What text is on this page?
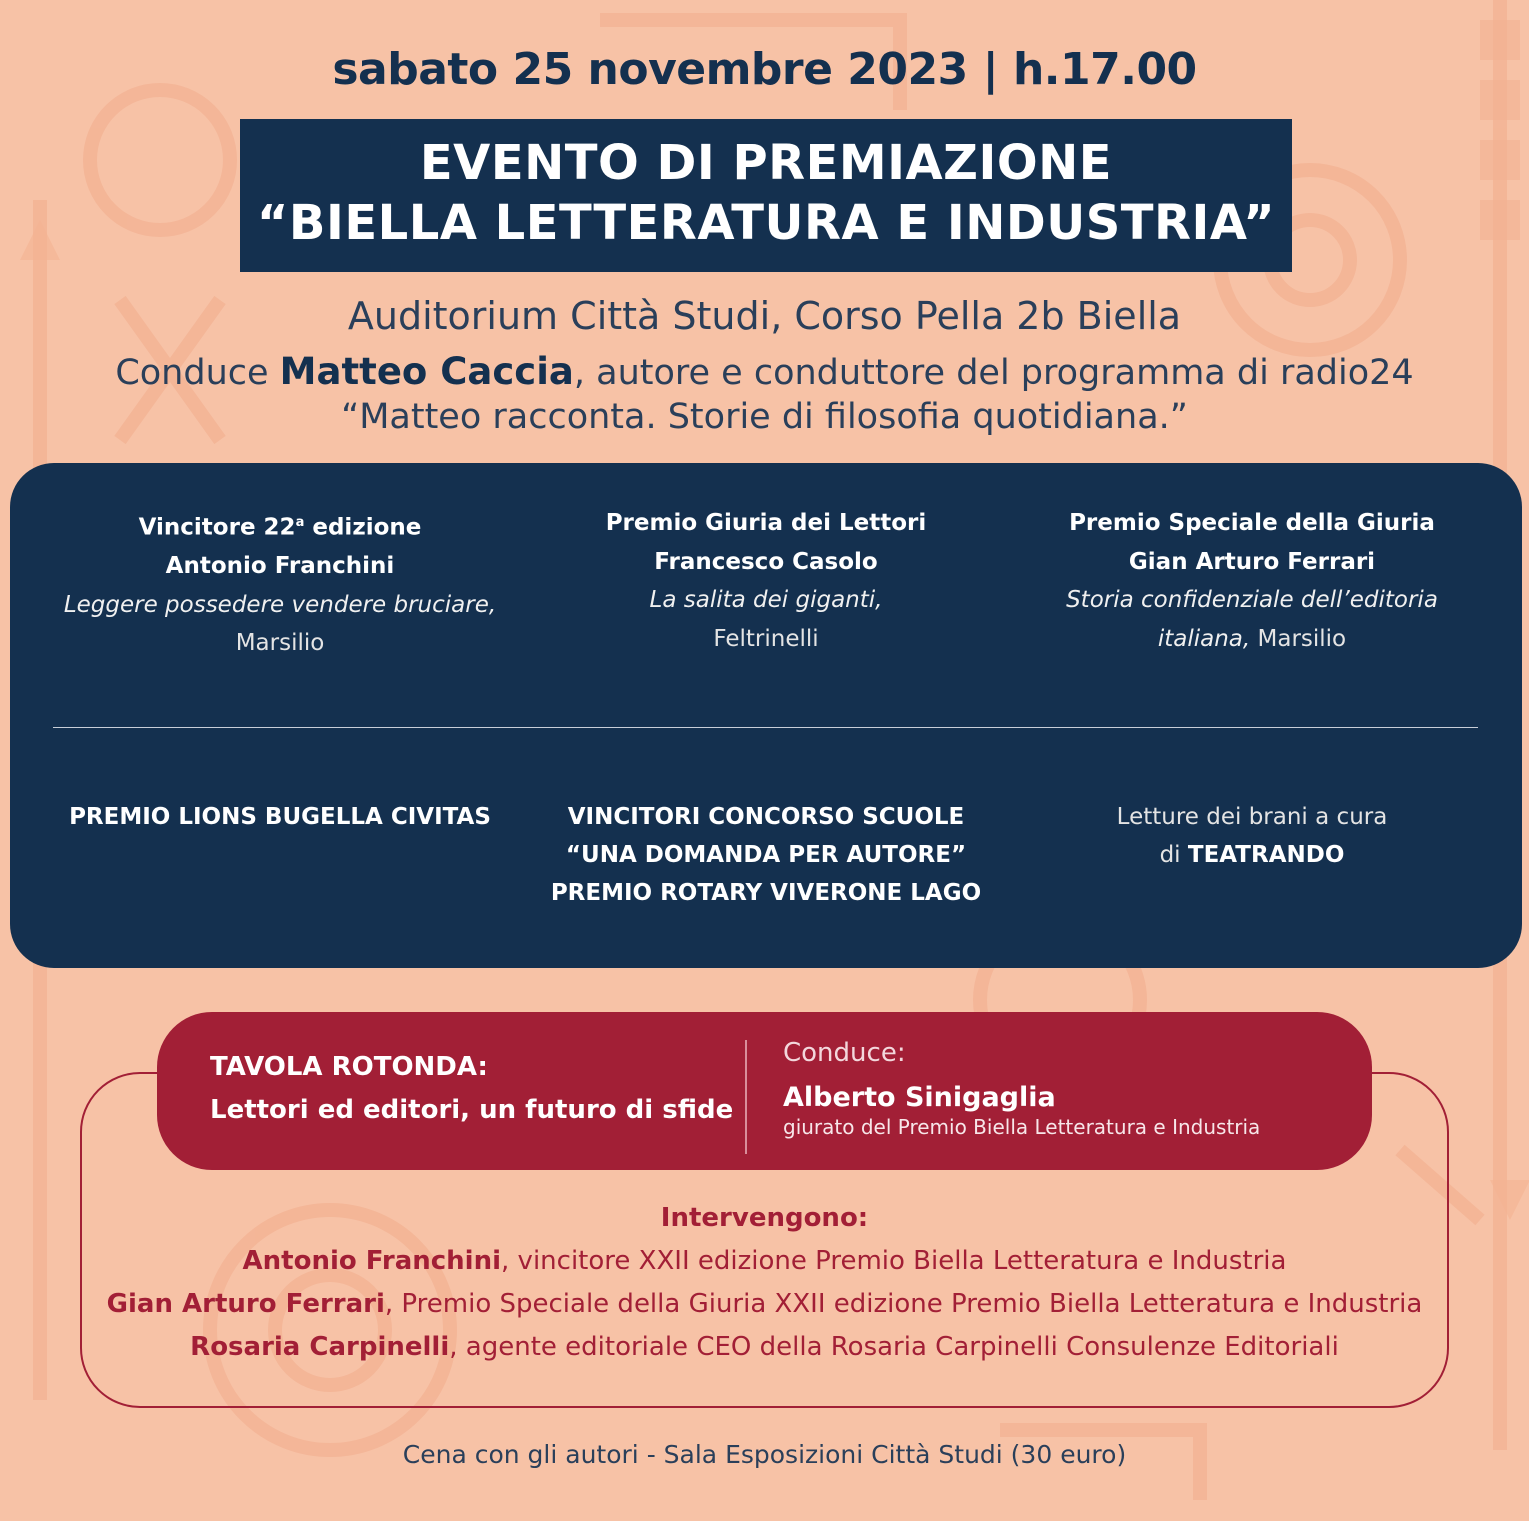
sabato 25 novembre 2023 | h.17.00
EVENTO DI PREMIAZIONE
“BIELLA LETTERATURA E INDUSTRIA”
Auditorium Città Studi, Corso Pella 2b Biella
Conduce Matteo Caccia, autore e conduttore del programma di radio24
“Matteo racconta. Storie di filosofia quotidiana.”
Vincitore 22$^a$ edizione
Antonio Franchini
Leggere possedere vendere bruciare,
Marsilio
Premio Giuria dei Lettori
Francesco Casolo
La salita dei giganti,
Feltrinelli
Premio Speciale della Giuria
Gian Arturo Ferrari
Storia confidenziale dell’editoria
italiana, Marsilio
PREMIO LIONS BUGELLA CIVITAS	VINCITORI CONCORSO SCUOLE
“UNA DOMANDA PER AUTORE”
PREMIO ROTARY VIVERONE LAGO
Letture dei brani a cura
di TEATRANDO
TAVOLA ROTONDA:
Lettori ed editori, un futuro di sfide
Conduce:
Alberto Sinigaglia
giurato del Premio Biella Letteratura e Industria
Intervengono:
Antonio Franchini, vincitore XXII edizione Premio Biella Letteratura e Industria
Gian Arturo Ferrari, Premio Speciale della Giuria XXII edizione Premio Biella Letteratura e Industria
Rosaria Carpinelli, agente editoriale CEO della Rosaria Carpinelli Consulenze Editoriali
Cena con gli autori - Sala Esposizioni Città Studi (30 euro)
